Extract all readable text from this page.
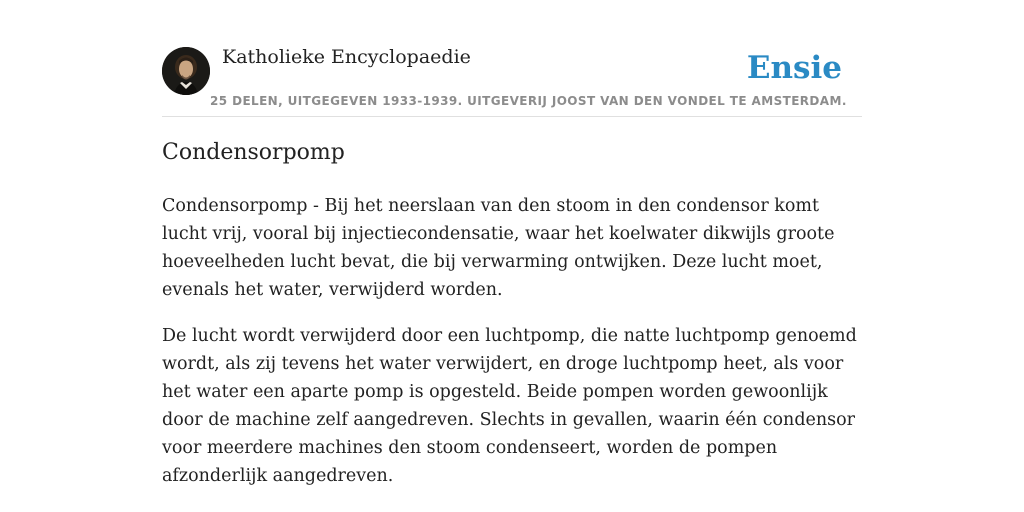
Katholieke Encyclopaedie
25 DELEN, UITGEGEVEN 1933-1939. UITGEVERIJ JOOST VAN DEN VONDEL TE AMSTERDAM.
Ensie
Condensorpomp

Condensorpomp - Bij het neerslaan van den stoom in den condensor komt lucht vrij, vooral bij injectiecondensatie, waar het koelwater dikwijls groote hoeveelheden lucht bevat, die bij verwarming ontwijken. Deze lucht moet, evenals het water, verwijderd worden.

De lucht wordt verwijderd door een luchtpomp, die natte luchtpomp genoemd wordt, als zij tevens het water verwijdert, en droge luchtpomp heet, als voor het water een aparte pomp is opgesteld. Beide pompen worden gewoonlijk door de machine zelf aangedreven. Slechts in gevallen, waarin één condensor voor meerdere machines den stoom condenseert, worden de pompen afzonderlijk aangedreven.
